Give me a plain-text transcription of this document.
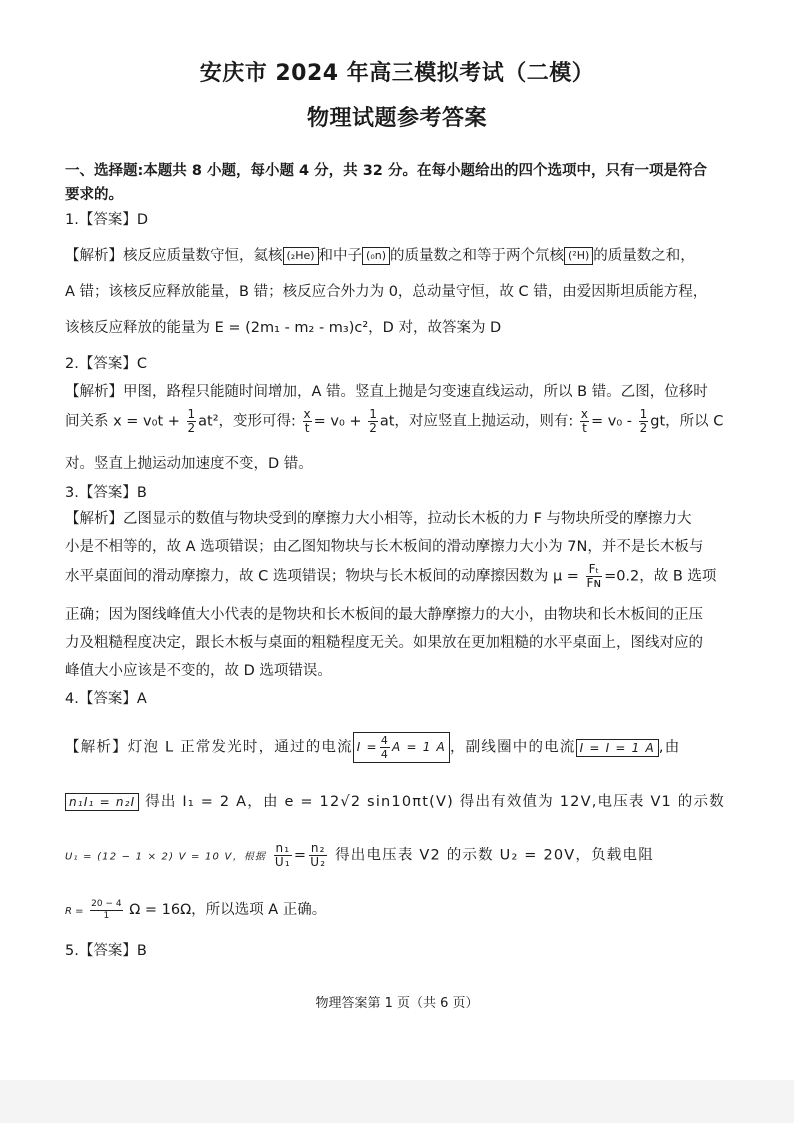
安庆市 2024 年高三模拟考试（二模）
物理试题参考答案
一、选择题:本题共 8 小题，每小题 4 分，共 32 分。在每小题给出的四个选项中，只有一项是符合
要求的。
1.【答案】D
【解析】核反应质量数守恒，氦核 (₂He) 和中子 (₀n) 的质量数之和等于两个氘核 (²H) 的质量数之和，
A 错；该核反应释放能量，B 错；核反应合外力为 0，总动量守恒，故 C 错，由爱因斯坦质能方程，
该核反应释放的能量为 E = (2m₁ - m₂ - m₃)c²，D 对，故答案为 D
2.【答案】C
【解析】甲图，路程只能随时间增加，A 错。竖直上抛是匀变速直线运动，所以 B 错。乙图，位移时
间关系 $x = v_0t + \frac{1}{2} at^2$，变形可得: $\frac{x}{t} = v_0 + \frac{1}{2}$ at，对应竖直上抛运动，则有: $\frac{x}{t} = v_0 - \frac{1}{2}$ gt，所以 C
对。竖直上抛运动加速度不变，D 错。
3.【答案】B
【解析】乙图显示的数值与物块受到的摩擦力大小相等，拉动长木板的力 F 与物块所受的摩擦力大
小是不相等的，故 A 选项错误；由乙图知物块与长木板间的滑动摩擦力大小为 7N，并不是长木板与
水平桌面间的滑动摩擦力，故 C 选项错误；物块与长木板间的动摩擦因数为 $\mu = \frac{\text{Fₜ}}{\text{Fɴ}} =0.2$，故 B 选项
正确；因为图线峰值大小代表的是物块和长木板间的最大静摩擦力的大小，由物块和长木板间的正压
力及粗糙程度决定，跟长木板与桌面的粗糙程度无关。如果放在更加粗糙的水平桌面上，图线对应的
峰值大小应该是不变的，故 D 选项错误。
4.【答案】A
【解析】灯泡 L 正常发光时，通过的电流 $I = \frac{4}{4}$ A = 1 A ，副线圈中的电流 I = I = 1 A ,由
n₁I₁ = n₂I 得出 I₁ = 2 A，由 e = 12√2 sin10πt(V) 得出有效值为 12V,电压表 V1 的示数
U₁ = (12 − 1 × 2) V = 10 V，根据 $\frac{\text{n₁}}{\text{U₁}} = \frac{\text{n₂}}{\text{U₂}}$ 得出电压表 V2 的示数 U₂ = 20V，负载电阻
$R = \frac{20 - 4}{1}$ Ω = 16Ω，所以选项 A 正确。
5.【答案】B
物理答案第 1 页（共 6 页）
